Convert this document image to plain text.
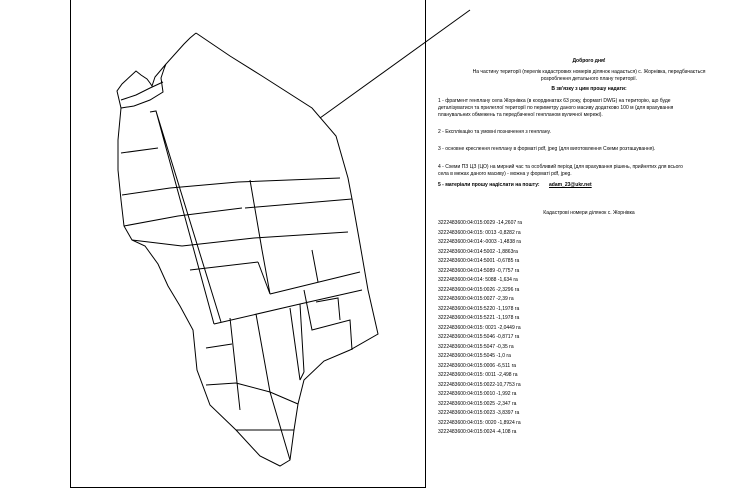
Доброго дня!
На частину території (перелік кадастрових номерів ділянок надається) с. Жорнівка, передбачається
розроблення детального плану території.
В зв'язку з цим прошу надати:
1 - фрагмент генплану села Жорнівка (в координатах 63 року, форматі DWG) на територію, що буде
деталізуватися та прилеглої території по периметру даного масиву додатково 100 м (для врахування
планувальних обмежень та передбаченої генпланом вуличної мережі).
2 - Експлікацію та умовні позначення з генплану.
3 - основне креслення генплану в форматі pdf, jpeg (для виготовлення Схеми розташування).
4 - Схеми ПЗ ЦЗ (ЦО) на мирний час та особливий період (для врахування рішень, прийнятих для всього
села в межах даного масиву) - можна у форматі pdf, jpeg.
5 - матеріали прошу надіслати на пошту: adam_23@ukr.net
Кадастрові номери ділянок с. Жорнівка
3222483600:04:015:0029 -14,2607 га
3222483600:04:015: 0013 -0,8282 га
3222483600:04:014:-0003 -1,4838 га
3222483600:04:014:5002 -1,8863га
3222483600:04:014:5001 -0,6785 га
3222483600:04:014:5089 -0,7757 га
3222483600:04:014: 5088 -1,634 га
3222483600:04:015:0026 -2,3296 га
3222483600:04:015:0027 -2,39 га
3222483600:04:015:5220 -1,1978 га
3222483600:04:015:5221 -1,1978 га
3222483600:04:015: 0021 -2,0449 га
3222483600:04:015:5046 -0,8717 га
3222483600:04:015:5047 -0,35 га
3222483600:04:015:5045 -1,0 га
3222483600:04:015:0006 -6,511 га
3222483600:04:015: 0011 -2,498 га
3222483600:04:015:0022-10,7753 га
3222483600:04:015:0010 -1,992 га
3222483600:04:015:0025 -2,347 га
3222483600:04:015:0023 -3,8397 га
3222483600:04:015: 0020 -1,8924 га
3222483600:04:015:0024 -4,108 га
